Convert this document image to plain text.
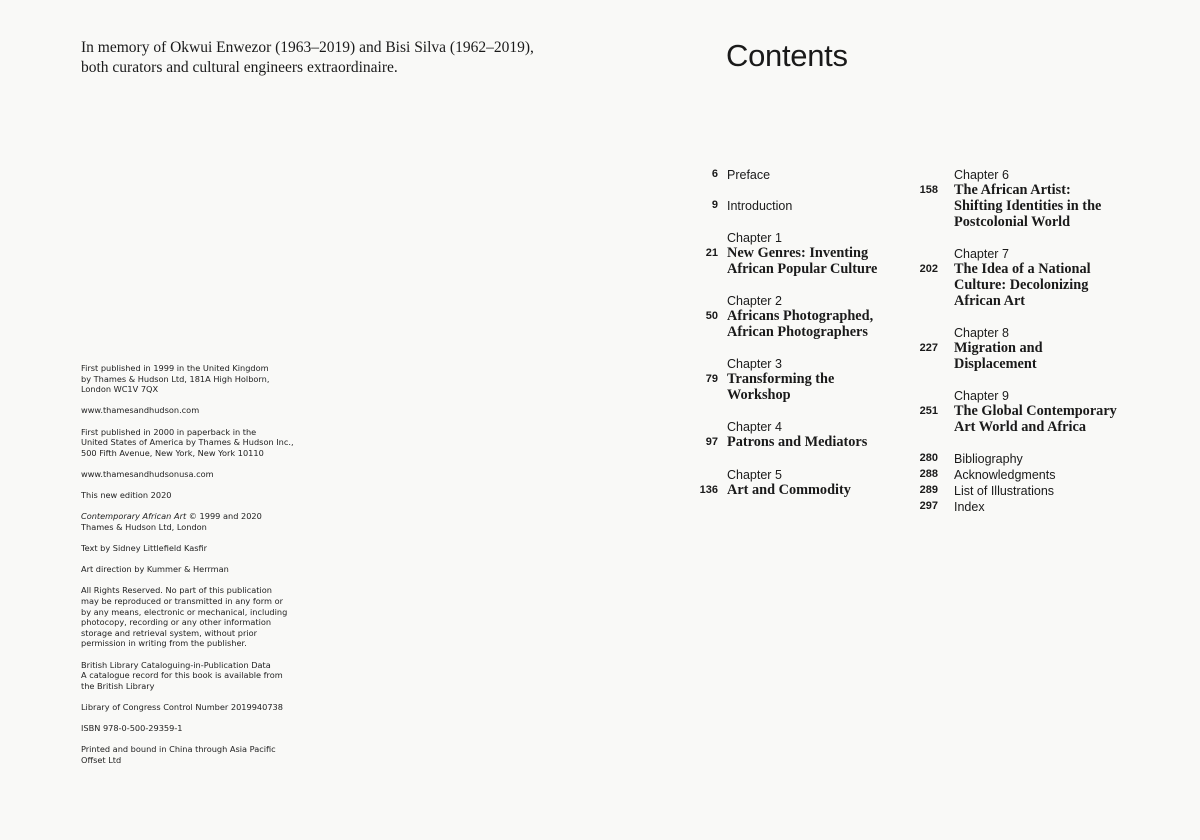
In memory of Okwui Enwezor (1963–2019) and Bisi Silva (1962–2019),
both curators and cultural engineers extraordinaire.

First published in 1999 in the United Kingdom
by Thames & Hudson Ltd, 181A High Holborn,
London WC1V 7QX

www.thamesandhudson.com

First published in 2000 in paperback in the
United States of America by Thames & Hudson Inc.,
500 Fifth Avenue, New York, New York 10110

www.thamesandhudsonusa.com

This new edition 2020

Contemporary African Art © 1999 and 2020
Thames & Hudson Ltd, London

Text by Sidney Littlefield Kasfir

Art direction by Kummer & Herrman

All Rights Reserved. No part of this publication
may be reproduced or transmitted in any form or
by any means, electronic or mechanical, including
photocopy, recording or any other information
storage and retrieval system, without prior
permission in writing from the publisher.

British Library Cataloguing-in-Publication Data
A catalogue record for this book is available from
the British Library

Library of Congress Control Number 2019940738

ISBN 978-0-500-29359-1

Printed and bound in China through Asia Pacific
Offset Ltd

Contents
6 Preface
9 Introduction
21
Chapter 1
New Genres: Inventing
African Popular Culture
50
Chapter 2
Africans Photographed,
African Photographers
79
Chapter 3
Transforming the
Workshop
97
Chapter 4
Patrons and Mediators
136
Chapter 5
Art and Commodity
158
Chapter 6
The African Artist:
Shifting Identities in the
Postcolonial World
202
Chapter 7
The Idea of a National
Culture: Decolonizing
African Art
227
Chapter 8
Migration and
Displacement
251
Chapter 9
The Global Contemporary
Art World and Africa
280 Bibliography
288 Acknowledgments
289 List of Illustrations
297 Index
